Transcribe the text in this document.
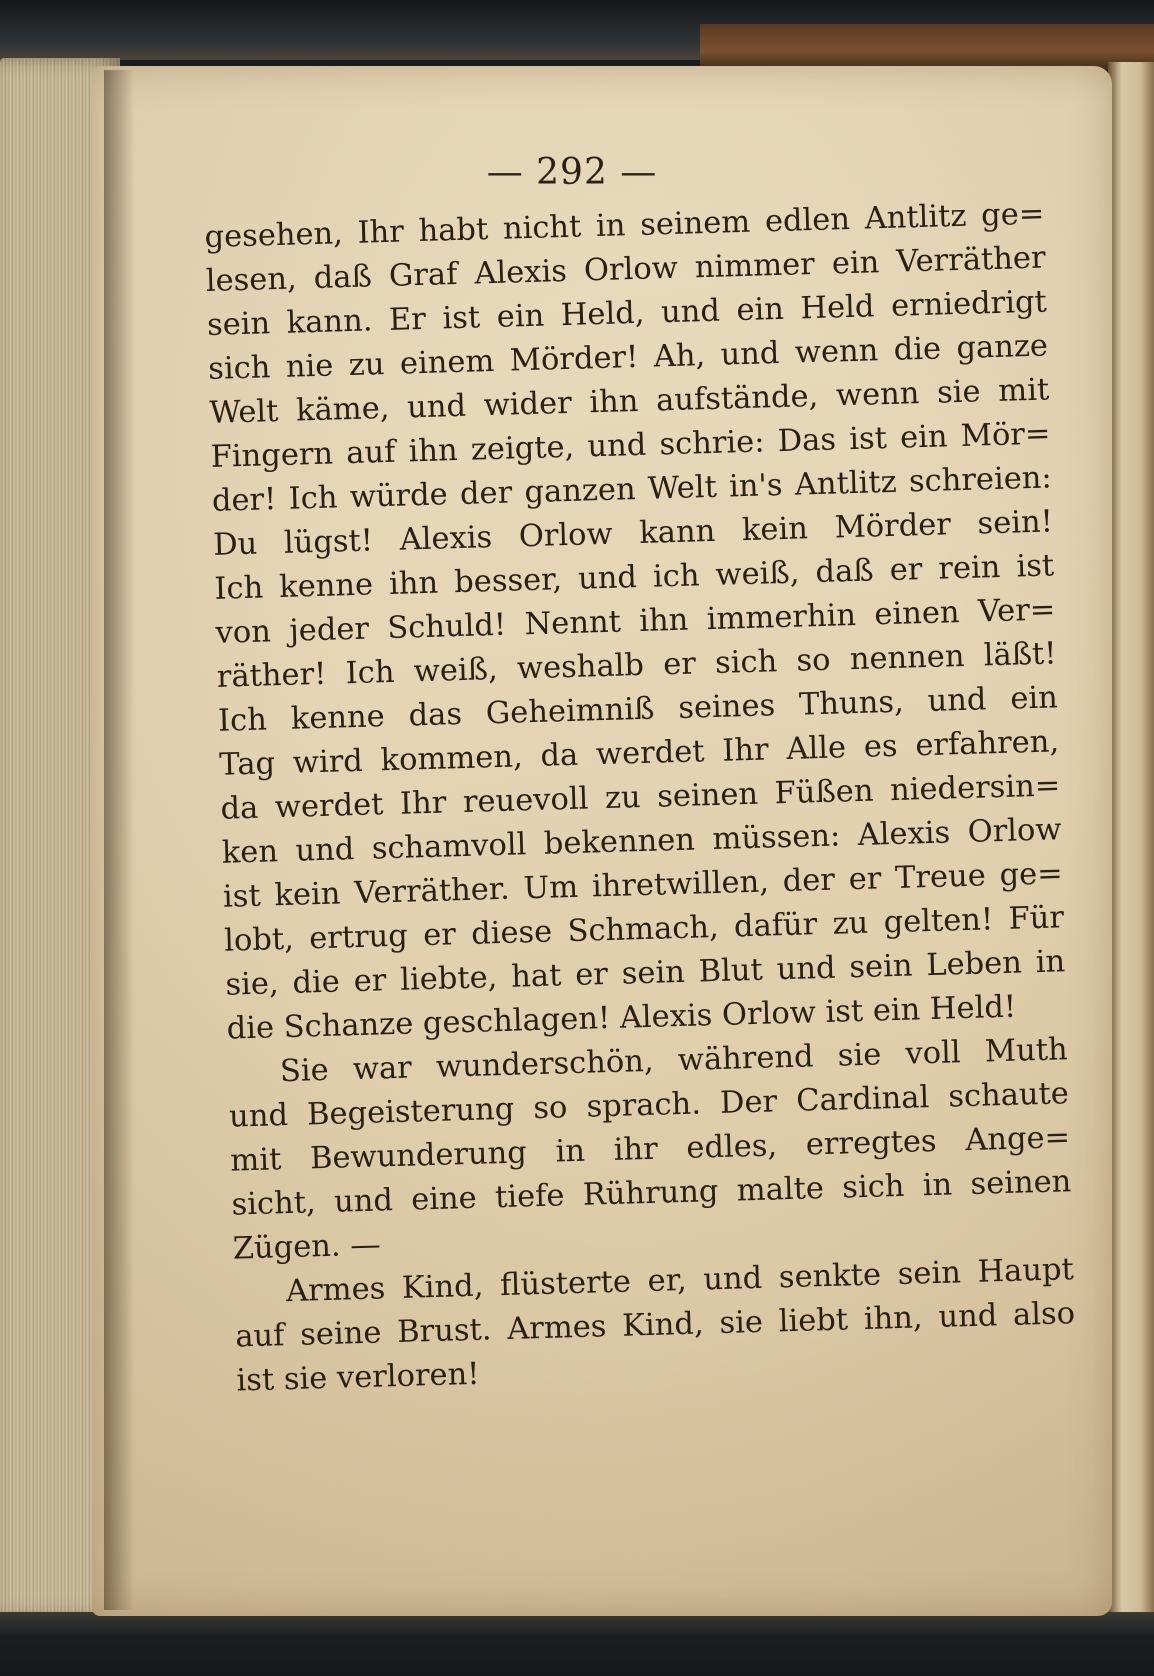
— 292 —
gesehen, Ihr habt nicht in seinem edlen Antlitz ge=
lesen, daß Graf Alexis Orlow nimmer ein Verräther
sein kann. Er ist ein Held, und ein Held erniedrigt
sich nie zu einem Mörder! Ah, und wenn die ganze
Welt käme, und wider ihn aufstände, wenn sie mit
Fingern auf ihn zeigte, und schrie: Das ist ein Mör=
der! Ich würde der ganzen Welt in's Antlitz schreien:
Du lügst! Alexis Orlow kann kein Mörder sein!
Ich kenne ihn besser, und ich weiß, daß er rein ist
von jeder Schuld! Nennt ihn immerhin einen Ver=
räther! Ich weiß, weshalb er sich so nennen läßt!
Ich kenne das Geheimniß seines Thuns, und ein
Tag wird kommen, da werdet Ihr Alle es erfahren,
da werdet Ihr reuevoll zu seinen Füßen niedersin=
ken und schamvoll bekennen müssen: Alexis Orlow
ist kein Verräther. Um ihretwillen, der er Treue ge=
lobt, ertrug er diese Schmach, dafür zu gelten! Für
sie, die er liebte, hat er sein Blut und sein Leben in
die Schanze geschlagen! Alexis Orlow ist ein Held!
Sie war wunderschön, während sie voll Muth
und Begeisterung so sprach. Der Cardinal schaute
mit Bewunderung in ihr edles, erregtes Ange=
sicht, und eine tiefe Rührung malte sich in seinen
Zügen. —
Armes Kind, flüsterte er, und senkte sein Haupt
auf seine Brust. Armes Kind, sie liebt ihn, und also
ist sie verloren!
